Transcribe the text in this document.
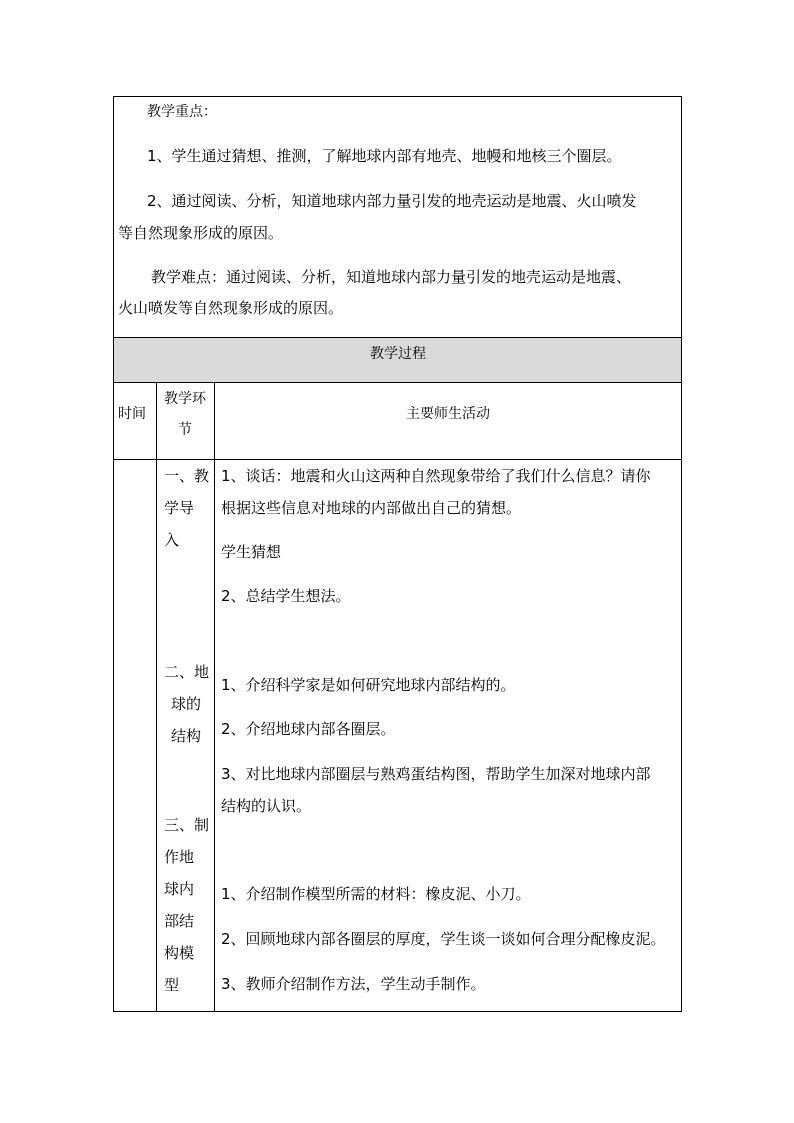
教学重点：
1、学生通过猜想、推测，了解地球内部有地壳、地幔和地核三个圈层。
2、通过阅读、分析，知道地球内部力量引发的地壳运动是地震、火山喷发
等自然现象形成的原因。
教学难点：通过阅读、分析，知道地球内部力量引发的地壳运动是地震、
火山喷发等自然现象形成的原因。
教学过程
时间
教学环
节
主要师生活动
一、教
学导
入
二、地
球的
结构
三、制
作地
球内
部结
构模
型
1、谈话：地震和火山这两种自然现象带给了我们什么信息？请你
根据这些信息对地球的内部做出自己的猜想。
学生猜想
2、总结学生想法。
1、介绍科学家是如何研究地球内部结构的。
2、介绍地球内部各圈层。
3、对比地球内部圈层与熟鸡蛋结构图，帮助学生加深对地球内部
结构的认识。
1、介绍制作模型所需的材料：橡皮泥、小刀。
2、回顾地球内部各圈层的厚度，学生谈一谈如何合理分配橡皮泥。
3、教师介绍制作方法，学生动手制作。
